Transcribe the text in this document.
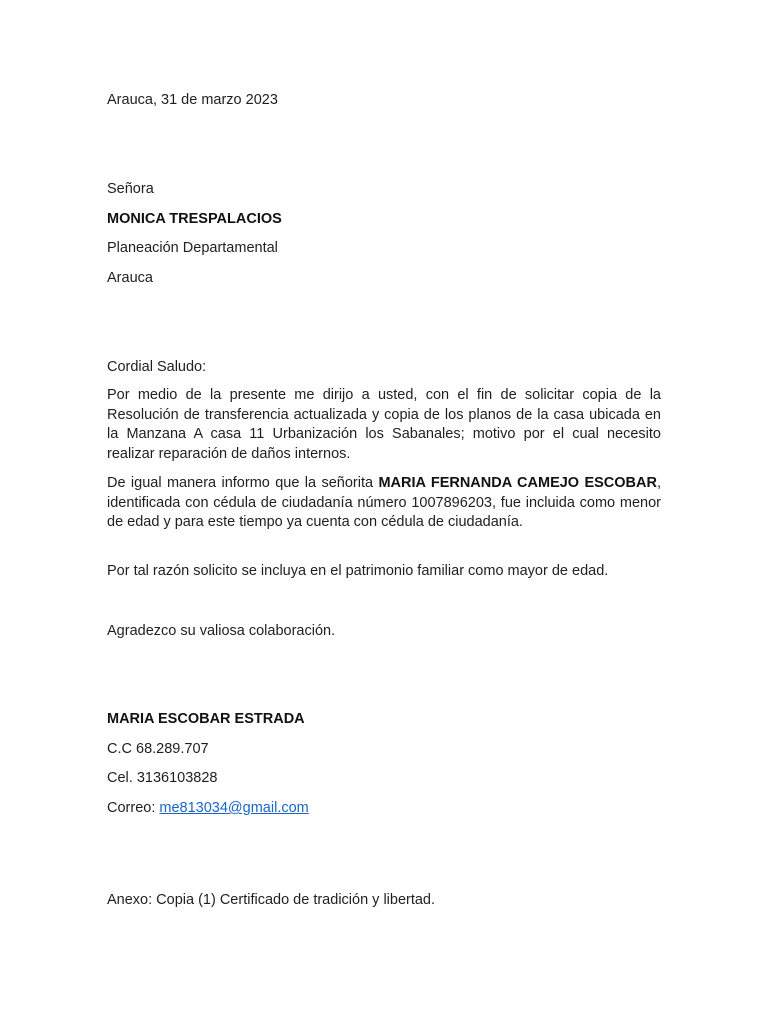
Arauca, 31 de marzo 2023
Señora
MONICA TRESPALACIOS
Planeación Departamental
Arauca
Cordial Saludo:
Por medio de la presente me dirijo a usted, con el fin de solicitar copia de la Resolución de transferencia actualizada y copia de los planos de la casa ubicada en la Manzana A casa 11 Urbanización los Sabanales; motivo por el cual necesito realizar reparación de daños internos.
De igual manera informo que la señorita MARIA FERNANDA CAMEJO ESCOBAR, identificada con cédula de ciudadanía número 1007896203, fue incluida como menor de edad y para este tiempo ya cuenta con cédula de ciudadanía.
Por tal razón solicito se incluya en el patrimonio familiar como mayor de edad.
Agradezco su valiosa colaboración.
MARIA ESCOBAR ESTRADA
C.C 68.289.707
Cel. 3136103828
Correo: me813034@gmail.com
Anexo: Copia (1) Certificado de tradición y libertad.
